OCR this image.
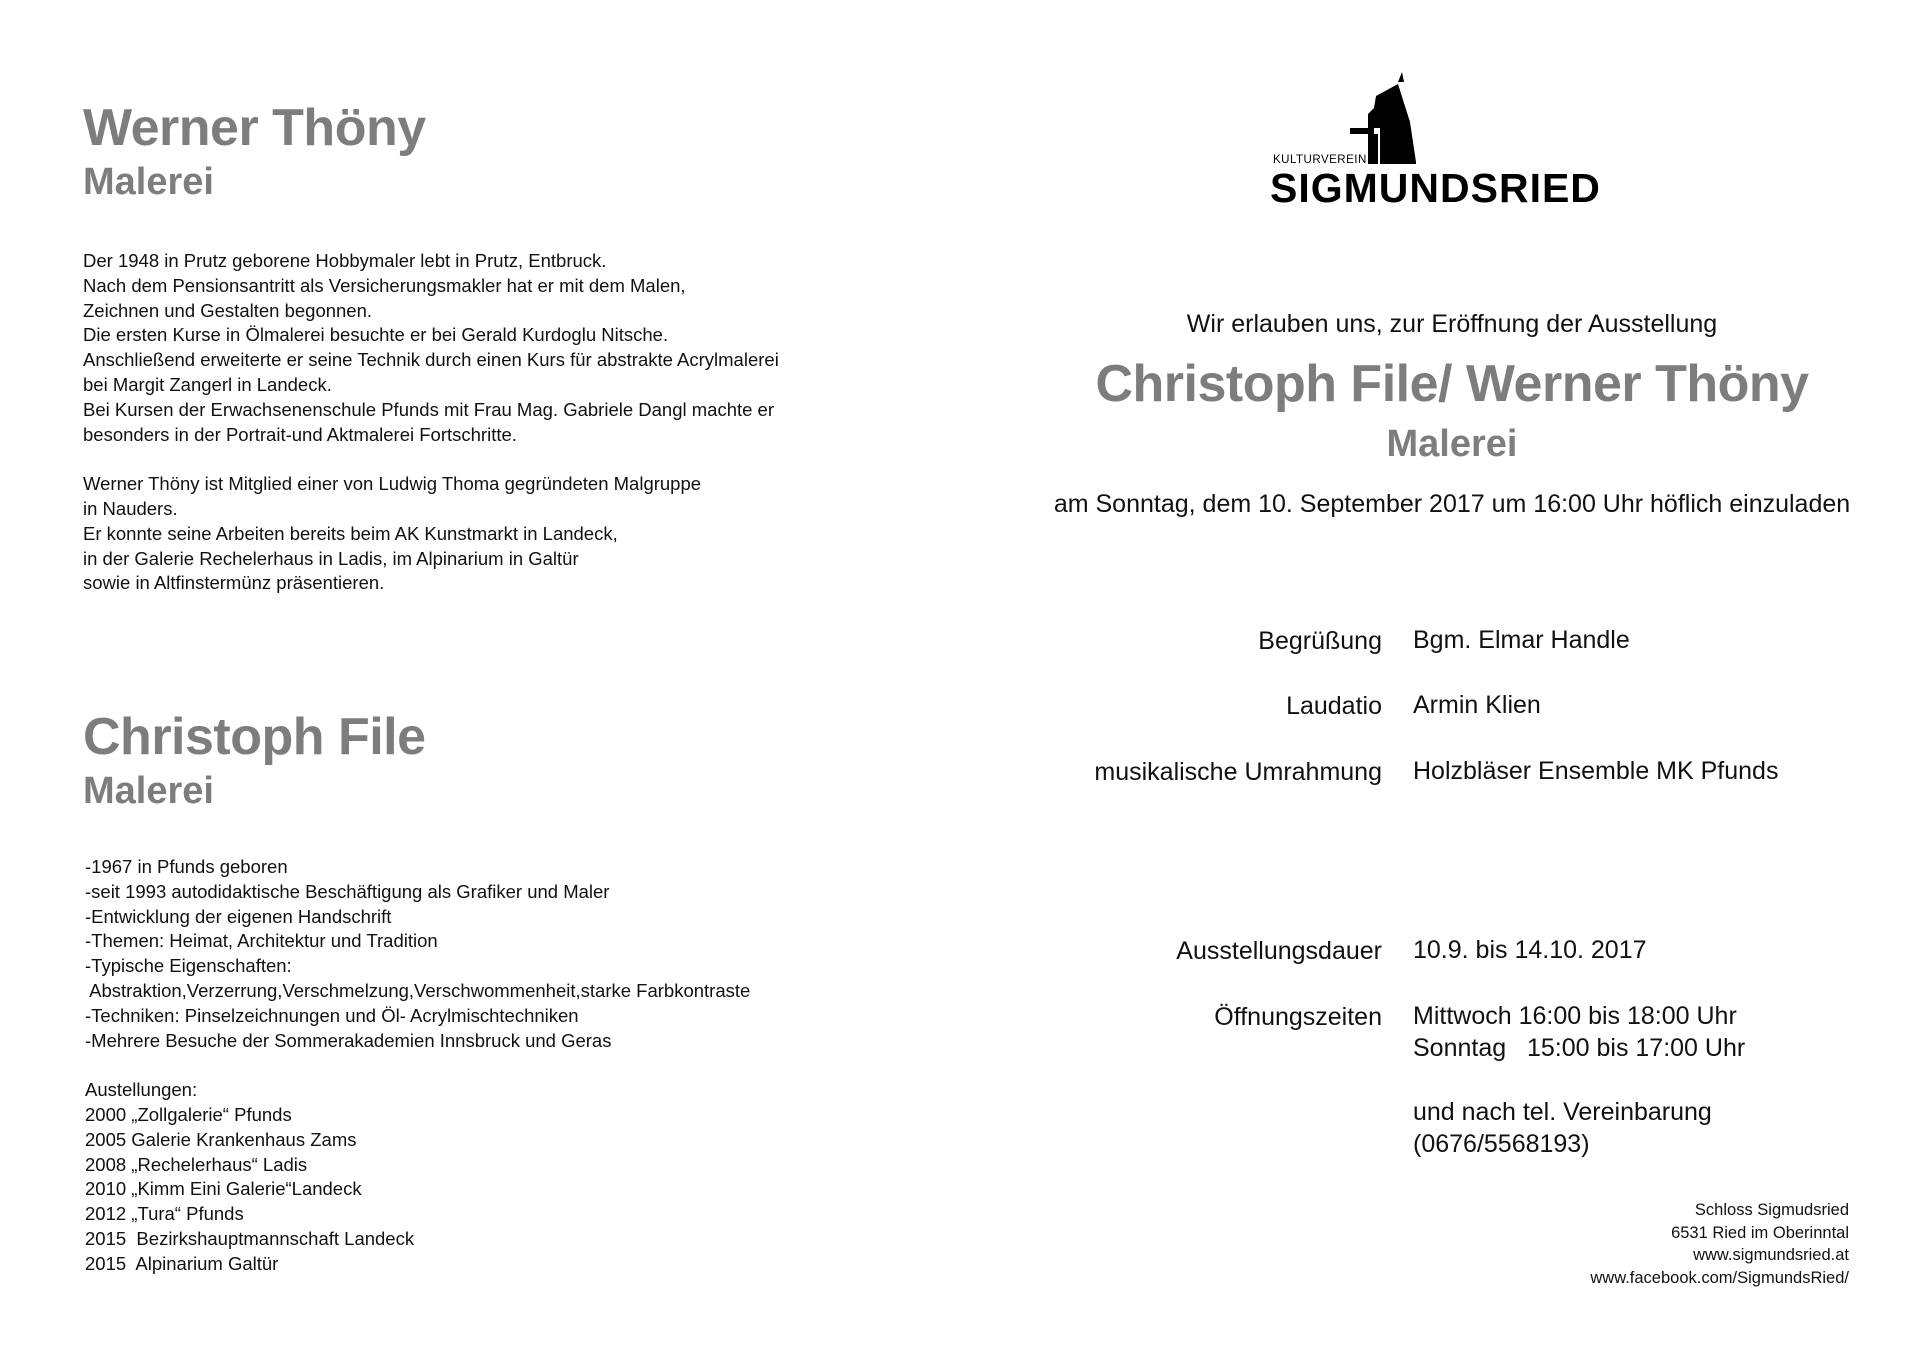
Werner Thöny
Malerei
Der 1948 in Prutz geborene Hobbymaler lebt in Prutz, Entbruck.
Nach dem Pensionsantritt als Versicherungsmakler hat er mit dem Malen,
Zeichnen und Gestalten begonnen.
Die ersten Kurse in Ölmalerei besuchte er bei Gerald Kurdoglu Nitsche.
Anschließend erweiterte er seine Technik durch einen Kurs für abstrakte Acrylmalerei
bei Margit Zangerl in Landeck.
Bei Kursen der Erwachsenenschule Pfunds mit Frau Mag. Gabriele Dangl machte er
besonders in der Portrait-und Aktmalerei Fortschritte.

Werner Thöny ist Mitglied einer von Ludwig Thoma gegründeten Malgruppe
in Nauders.
Er konnte seine Arbeiten bereits beim AK Kunstmarkt in Landeck,
in der Galerie Rechelerhaus in Ladis, im Alpinarium in Galtür
sowie in Altfinstermünz präsentieren.
Christoph File
Malerei
-1967 in Pfunds geboren
-seit 1993 autodidaktische Beschäftigung als Grafiker und Maler
-Entwicklung der eigenen Handschrift
-Themen: Heimat, Architektur und Tradition
-Typische Eigenschaften:
Abstraktion,Verzerrung,Verschmelzung,Verschwommenheit,starke Farbkontraste
-Techniken: Pinselzeichnungen und Öl- Acrylmischtechniken
-Mehrere Besuche der Sommerakademien Innsbruck und Geras

Austellungen:
2000 „Zollgalerie“ Pfunds
2005 Galerie Krankenhaus Zams
2008 „Rechelerhaus“ Ladis
2010 „Kimm Eini Galerie“Landeck
2012 „Tura“ Pfunds
2015  Bezirkshauptmannschaft Landeck
2015  Alpinarium Galtür
KULTURVEREIN
SIGMUNDSRIED
Wir erlauben uns, zur Eröffnung der Ausstellung
Christoph File/ Werner Thöny
Malerei
am Sonntag, dem 10. September 2017 um 16:00 Uhr höflich einzuladen
Begrüßung
Laudatio
musikalische Umrahmung
Ausstellungsdauer
Öffnungszeiten
Bgm. Elmar Handle
Armin Klien
Holzbläser Ensemble MK Pfunds
10.9. bis 14.10. 2017
Mittwoch 16:00 bis 18:00 Uhr
Sonntag   15:00 bis 17:00 Uhr
und nach tel. Vereinbarung
(0676/5568193)
Schloss Sigmudsried
6531 Ried im Oberinntal
www.sigmundsried.at
www.facebook.com/SigmundsRied/
